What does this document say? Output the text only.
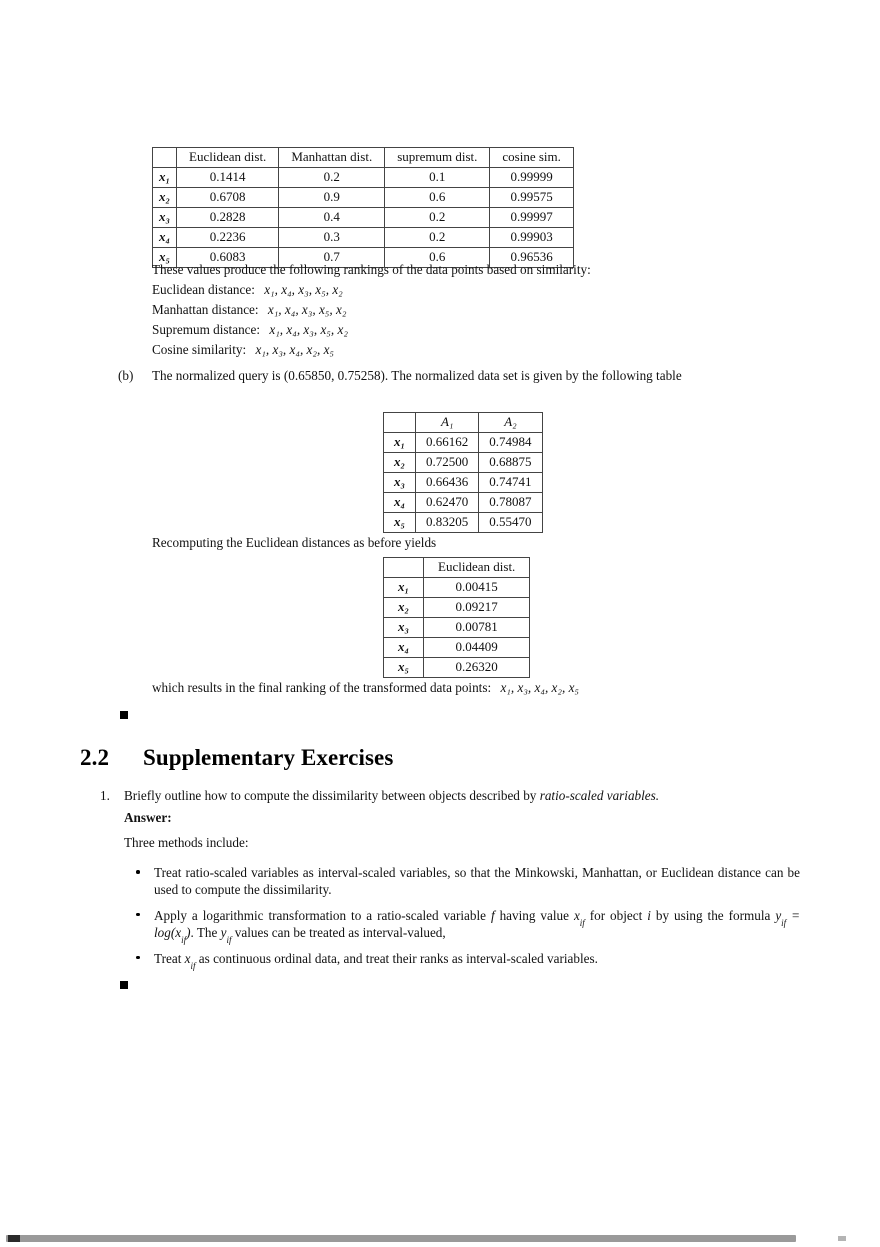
	Euclidean dist.	Manhattan dist.	supremum dist.	cosine sim.
x₁	0.1414	0.2	0.1	0.99999
x₂	0.6708	0.9	0.6	0.99575
x₃	0.2828	0.4	0.2	0.99997
x₄	0.2236	0.3	0.2	0.99903
x₅	0.6083	0.7	0.6	0.96536
These values produce the following rankings of the data points based on similarity:
Euclidean distance: x₁, x₄, x₃, x₅, x₂
Manhattan distance: x₁, x₄, x₃, x₅, x₂
Supremum distance: x₁, x₄, x₃, x₅, x₂
Cosine similarity: x₁, x₃, x₄, x₂, x₅
(b) The normalized query is (0.65850, 0.75258). The normalized data set is given by the following table
	A₁	A₂
x₁	0.66162	0.74984
x₂	0.72500	0.68875
x₃	0.66436	0.74741
x₄	0.62470	0.78087
x₅	0.83205	0.55470
Recomputing the Euclidean distances as before yields
	Euclidean dist.
x₁	0.00415
x₂	0.09217
x₃	0.00781
x₄	0.04409
x₅	0.26320
which results in the final ranking of the transformed data points: x₁, x₃, x₄, x₂, x₅
2.2 Supplementary Exercises
1. Briefly outline how to compute the dissimilarity between objects described by ratio-scaled variables.
Answer:
Three methods include:
Treat ratio-scaled variables as interval-scaled variables, so that the Minkowski, Manhattan, or Euclidean distance can be used to compute the dissimilarity.
Apply a logarithmic transformation to a ratio-scaled variable f having value $x_{if}$ for object i by using the formula $y_{if} = \log(x_{if})$. The $y_{if}$ values can be treated as interval-valued,
Treat $x_{if}$ as continuous ordinal data, and treat their ranks as interval-scaled variables.
